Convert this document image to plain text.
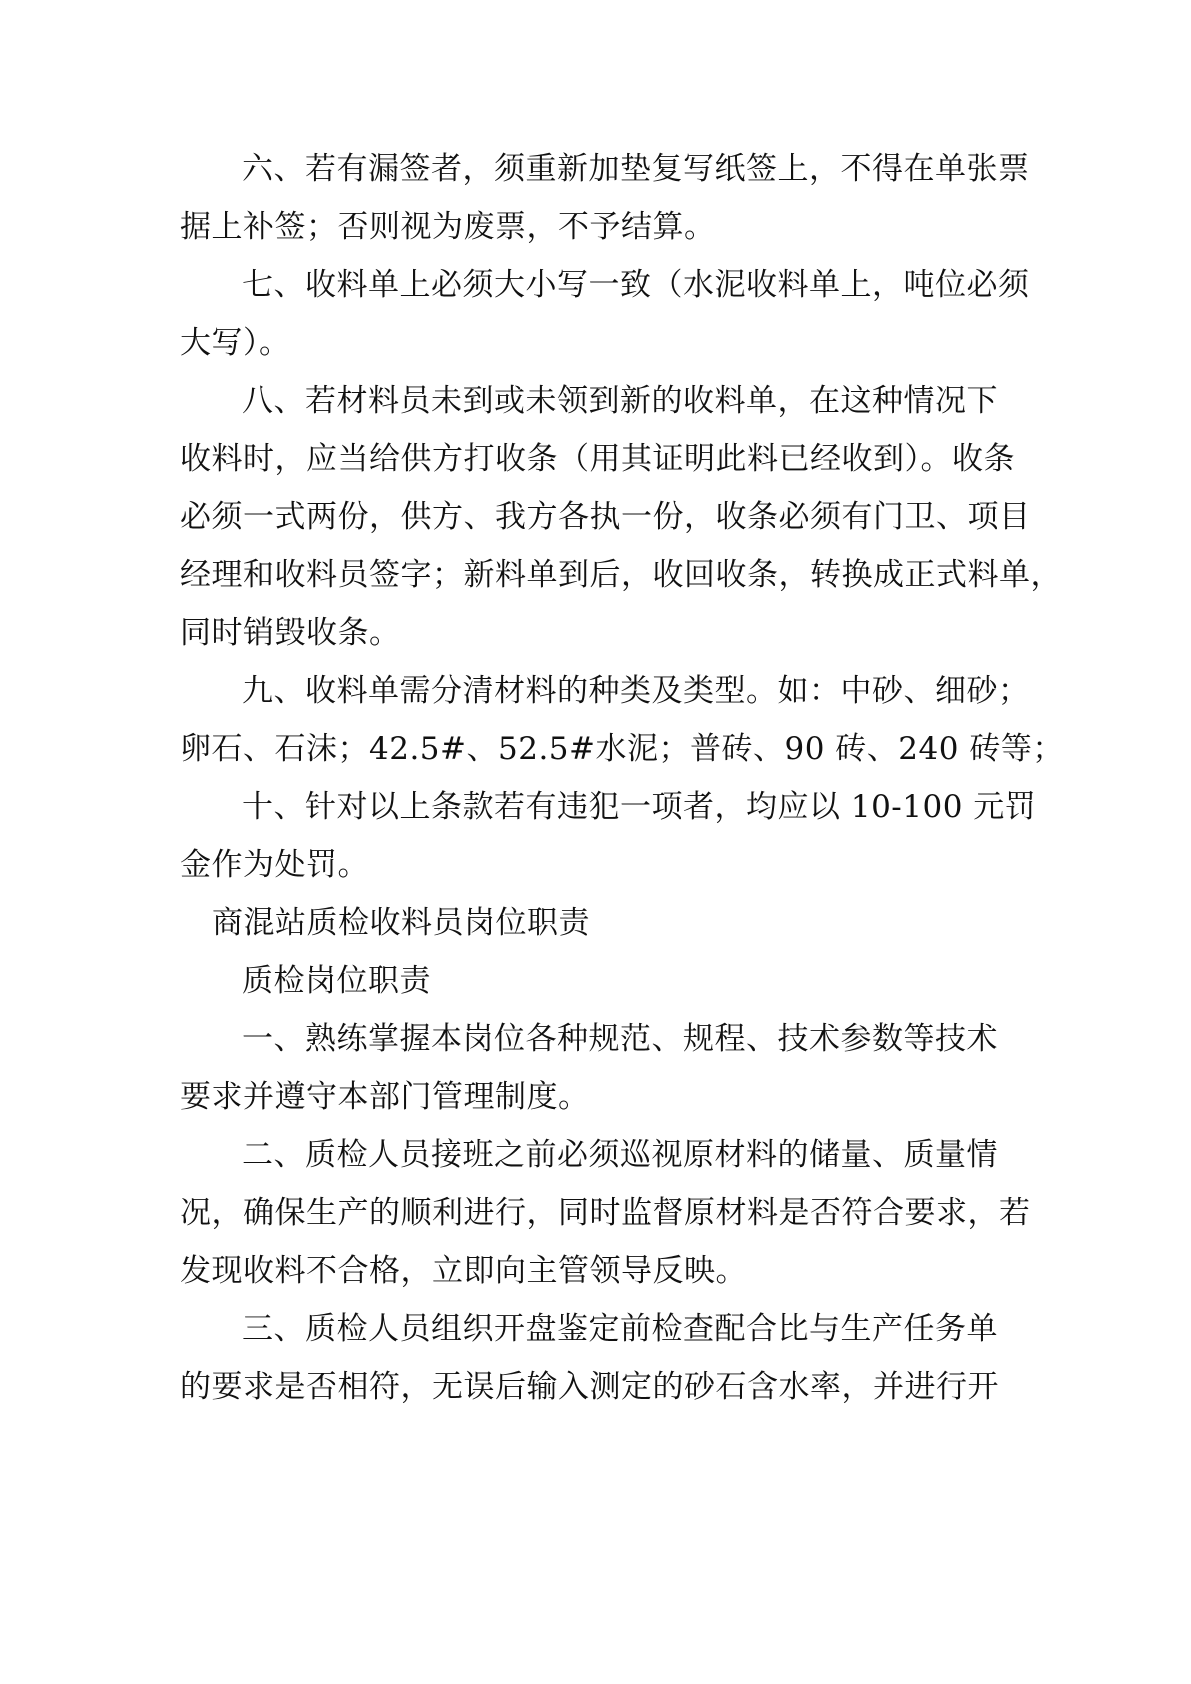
六、若有漏签者，须重新加垫复写纸签上，不得在单张票
据上补签；否则视为废票，不予结算。
七、收料单上必须大小写一致（水泥收料单上，吨位必须
大写）。
八、若材料员未到或未领到新的收料单，在这种情况下
收料时，应当给供方打收条（用其证明此料已经收到）。收条
必须一式两份，供方、我方各执一份，收条必须有门卫、项目
经理和收料员签字；新料单到后，收回收条，转换成正式料单，
同时销毁收条。
九、收料单需分清材料的种类及类型。如：中砂、细砂；
卵石、石沫；42.5#、52.5#水泥；普砖、90 砖、240 砖等；
十、针对以上条款若有违犯一项者，均应以 10-100 元罚
金作为处罚。
商混站质检收料员岗位职责
质检岗位职责
一、熟练掌握本岗位各种规范、规程、技术参数等技术
要求并遵守本部门管理制度。
二、质检人员接班之前必须巡视原材料的储量、质量情
况，确保生产的顺利进行，同时监督原材料是否符合要求，若
发现收料不合格，立即向主管领导反映。
三、质检人员组织开盘鉴定前检查配合比与生产任务单
的要求是否相符，无误后输入测定的砂石含水率，并进行开
